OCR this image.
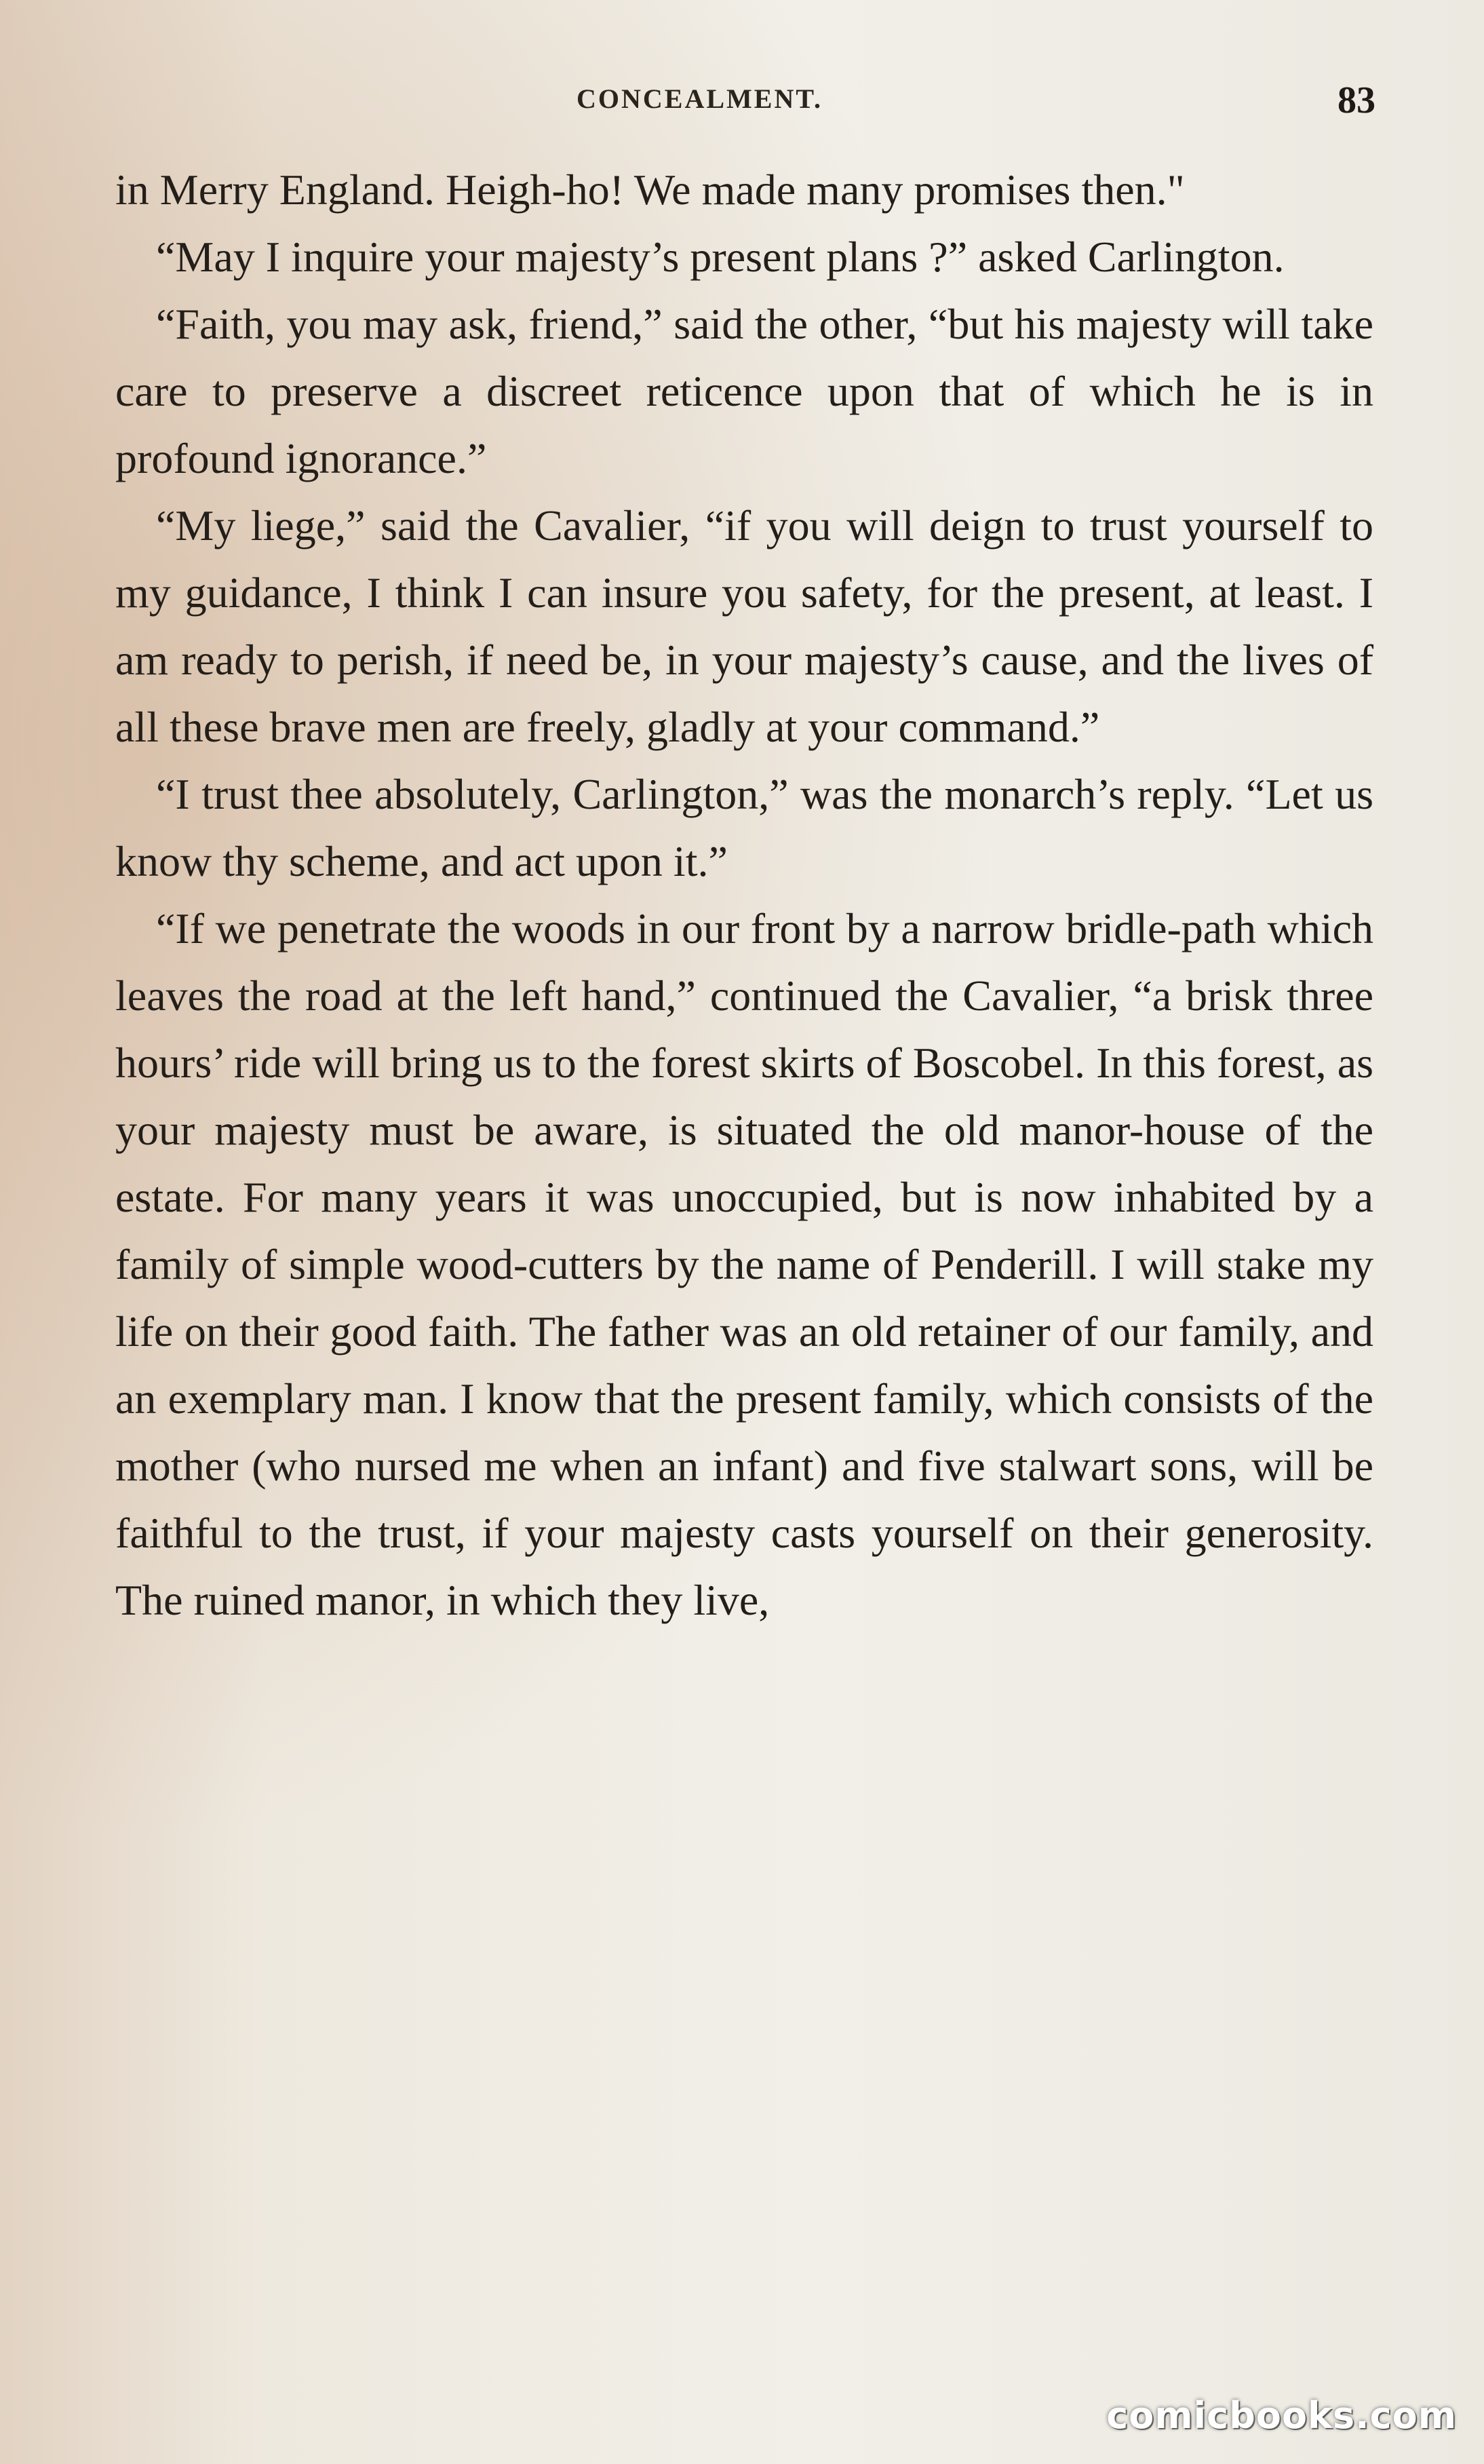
CONCEALMENT.	83

in Merry England. Heigh-ho! We made many promises then."

“May I inquire your majesty’s present plans ?” asked Carlington.

“Faith, you may ask, friend,” said the other, “but his majesty will take care to preserve a discreet reticence upon that of which he is in profound ignorance.”

“My liege,” said the Cavalier, “if you will deign to trust yourself to my guidance, I think I can insure you safety, for the present, at least. I am ready to perish, if need be, in your majesty’s cause, and the lives of all these brave men are freely, gladly at your command.”

“I trust thee absolutely, Carlington,” was the monarch’s reply. “Let us know thy scheme, and act upon it.”

“If we penetrate the woods in our front by a narrow bridle-path which leaves the road at the left hand,” continued the Cavalier, “a brisk three hours’ ride will bring us to the forest skirts of Boscobel. In this forest, as your majesty must be aware, is situated the old manor-house of the estate. For many years it was unoccupied, but is now inhabited by a family of simple wood-cutters by the name of Penderill. I will stake my life on their good faith. The father was an old retainer of our family, and an exemplary man. I know that the present family, which consists of the mother (who nursed me when an infant) and five stalwart sons, will be faithful to the trust, if your majesty casts yourself on their generosity. The ruined manor, in which they live,

comicbooks.com
